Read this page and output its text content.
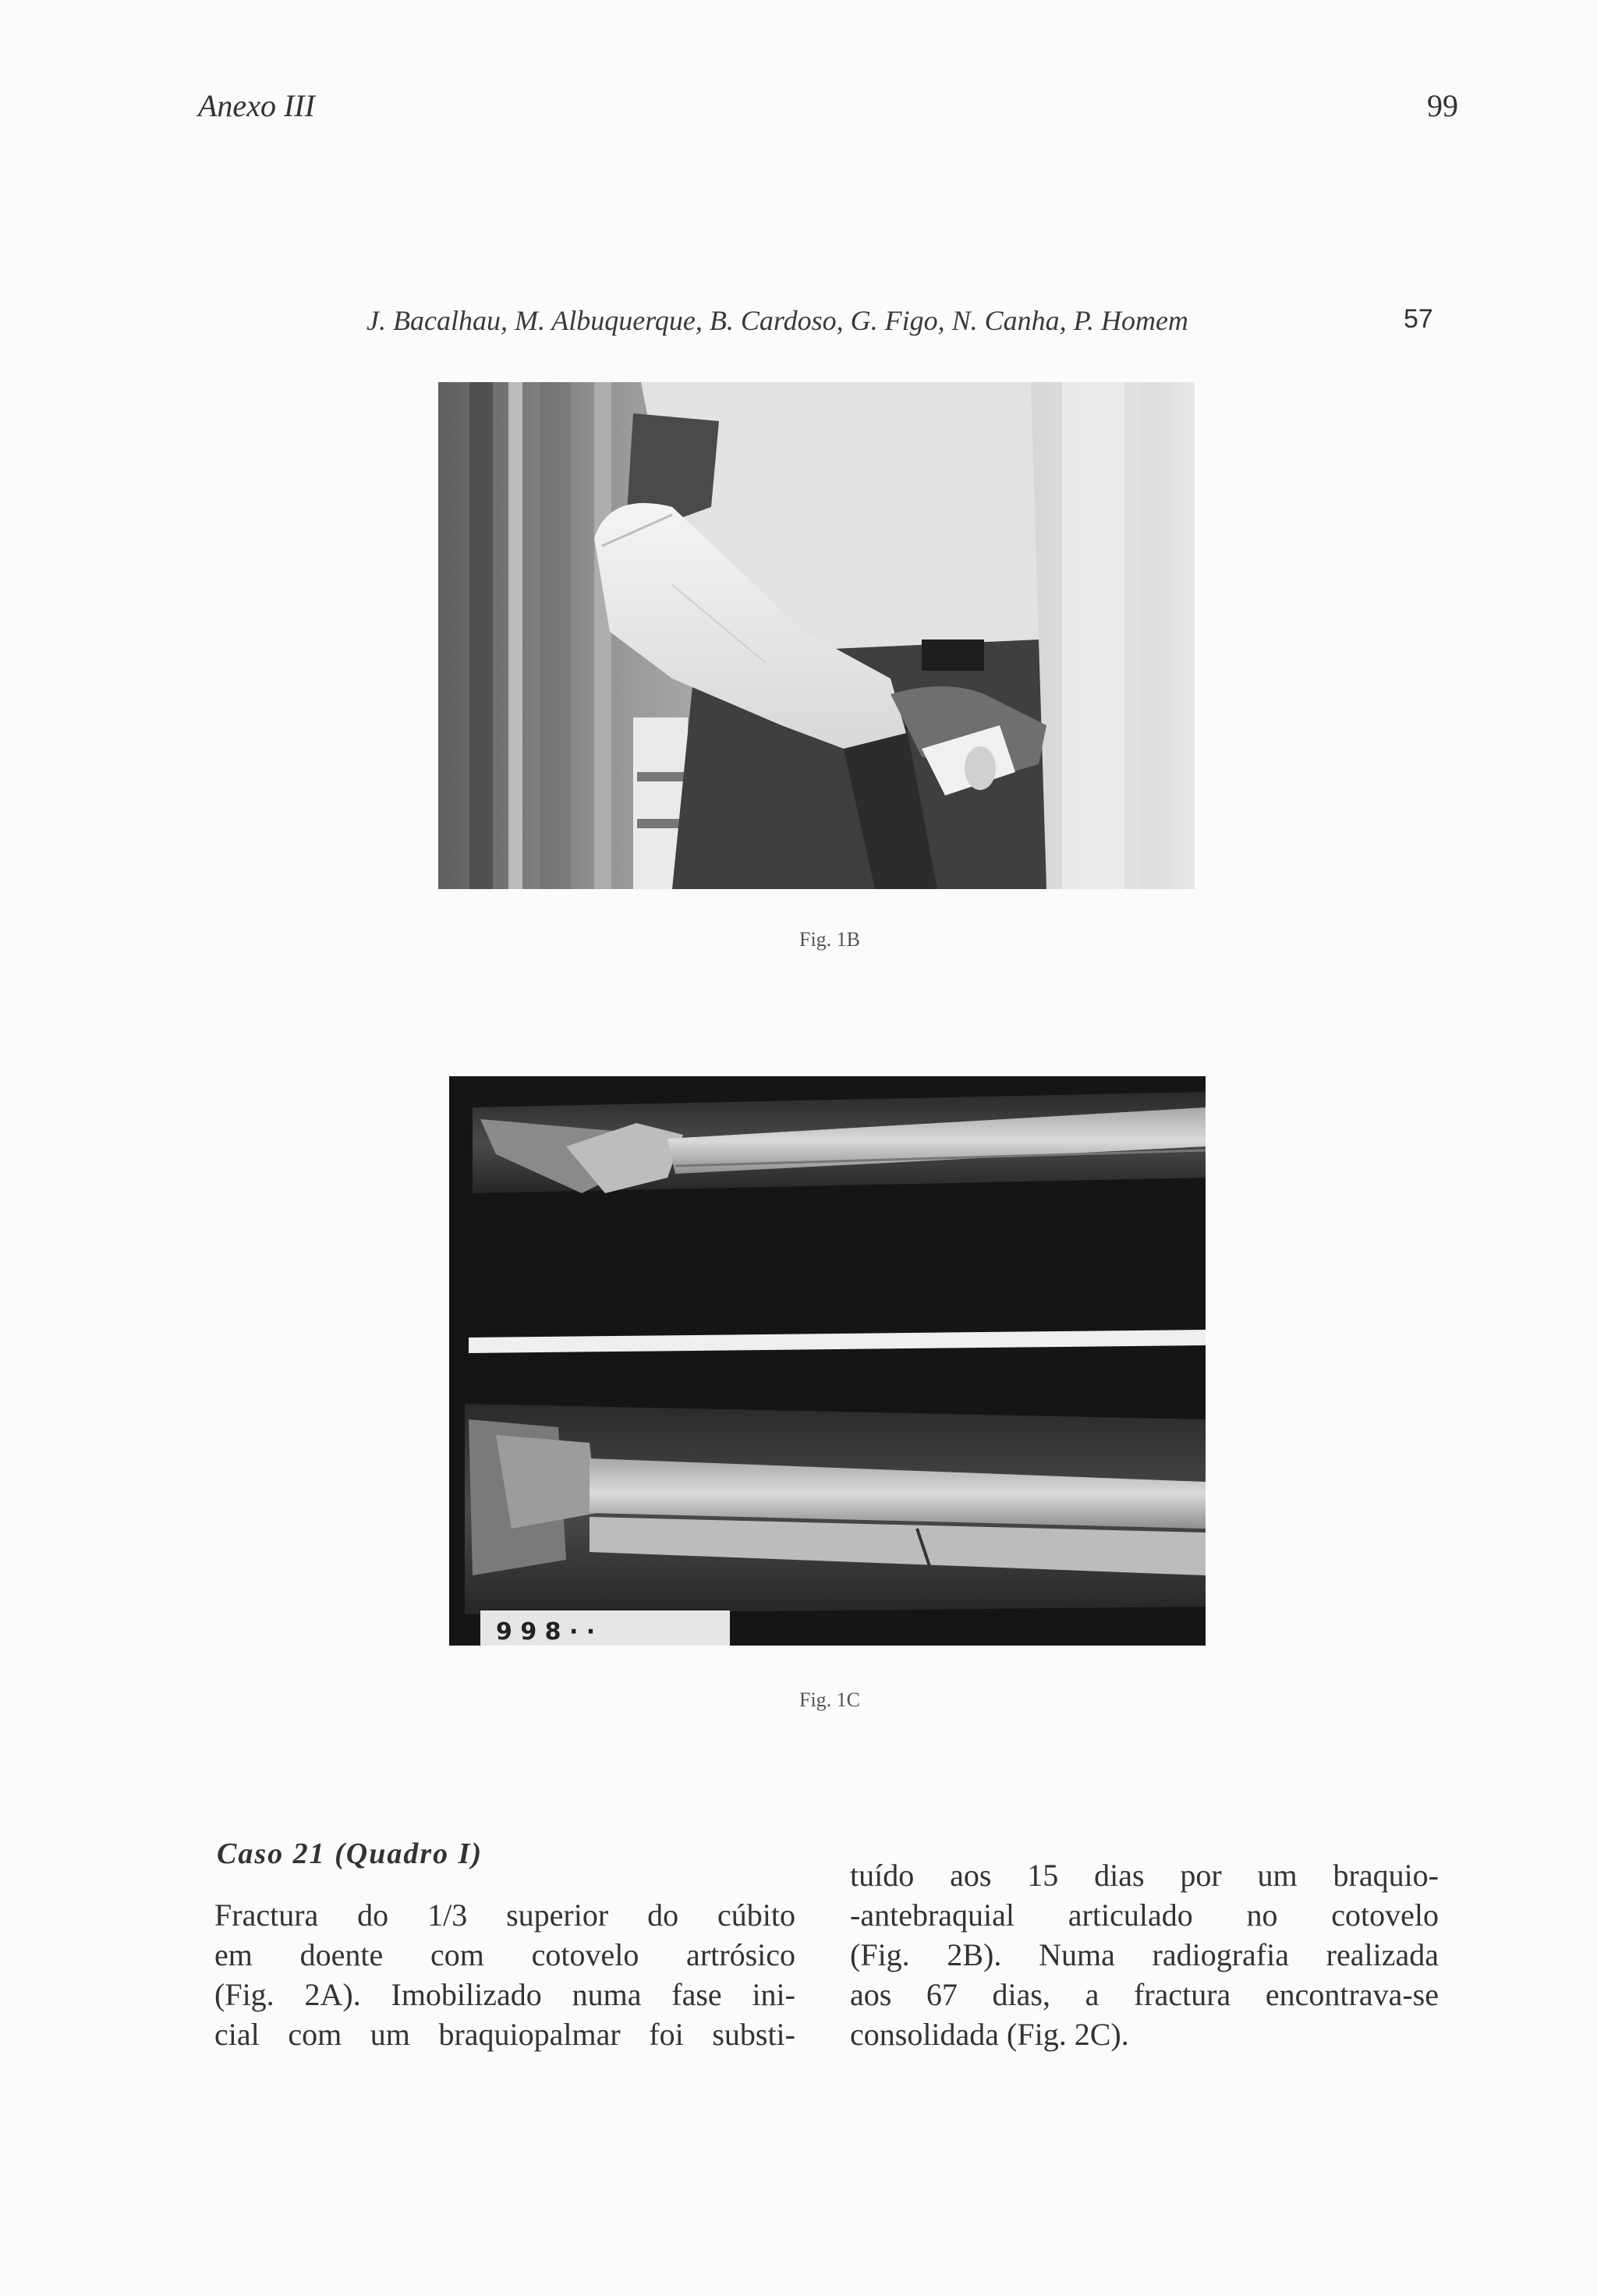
Anexo III	99
J. Bacalhau, M. Albuquerque, B. Cardoso, G. Figo, N. Canha, P. Homem	57
Fig. 1B
9 9 8 · ·
Fig. 1C
Caso 21 (Quadro I)
Fractura do 1/3 superior do cúbito
em doente com cotovelo artrósico
(Fig. 2A). Imobilizado numa fase ini-
cial com um braquiopalmar foi substi-
tuído aos 15 dias por um braquio-
-antebraquial articulado no cotovelo
(Fig. 2B). Numa radiografia realizada
aos 67 dias, a fractura encontrava-se
consolidada (Fig. 2C).
